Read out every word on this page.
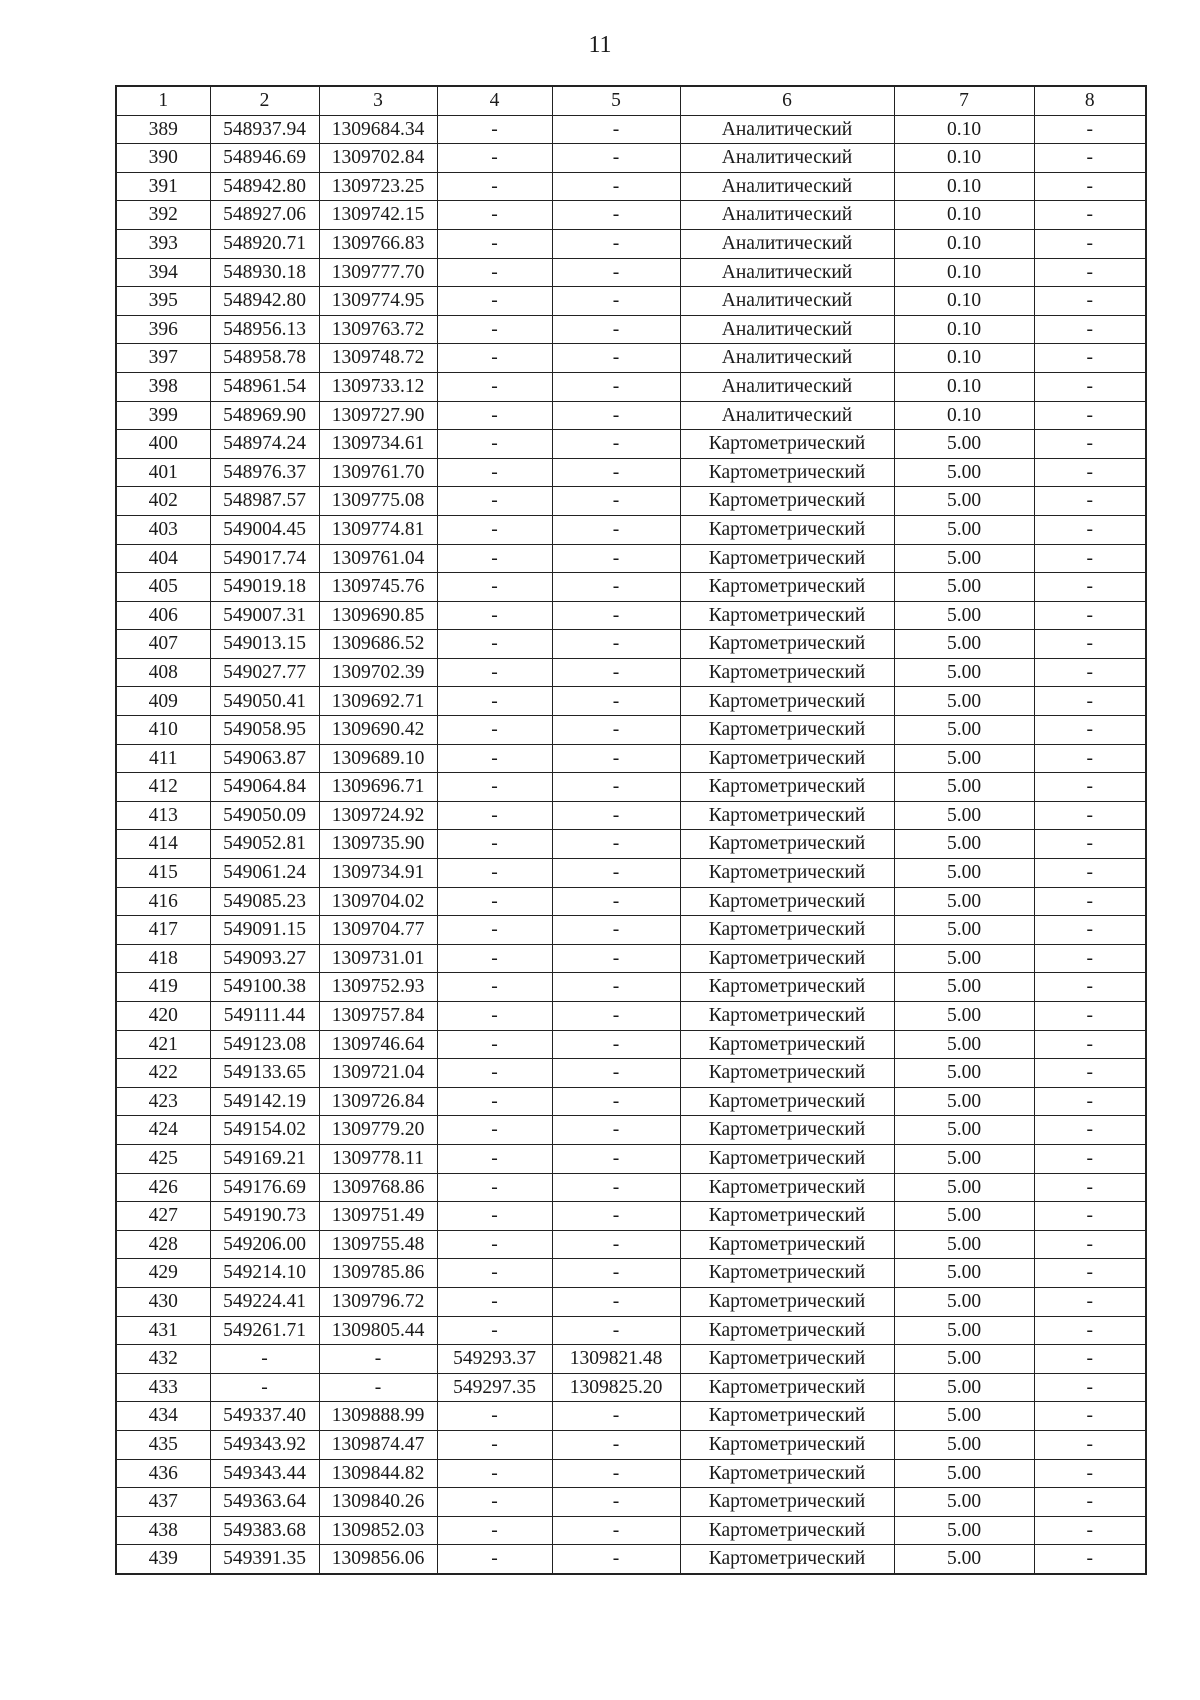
11
1	2	3	4	5	6	7	8
389	548937.94	1309684.34	-	-	Аналитический	0.10	-
390	548946.69	1309702.84	-	-	Аналитический	0.10	-
391	548942.80	1309723.25	-	-	Аналитический	0.10	-
392	548927.06	1309742.15	-	-	Аналитический	0.10	-
393	548920.71	1309766.83	-	-	Аналитический	0.10	-
394	548930.18	1309777.70	-	-	Аналитический	0.10	-
395	548942.80	1309774.95	-	-	Аналитический	0.10	-
396	548956.13	1309763.72	-	-	Аналитический	0.10	-
397	548958.78	1309748.72	-	-	Аналитический	0.10	-
398	548961.54	1309733.12	-	-	Аналитический	0.10	-
399	548969.90	1309727.90	-	-	Аналитический	0.10	-
400	548974.24	1309734.61	-	-	Картометрический	5.00	-
401	548976.37	1309761.70	-	-	Картометрический	5.00	-
402	548987.57	1309775.08	-	-	Картометрический	5.00	-
403	549004.45	1309774.81	-	-	Картометрический	5.00	-
404	549017.74	1309761.04	-	-	Картометрический	5.00	-
405	549019.18	1309745.76	-	-	Картометрический	5.00	-
406	549007.31	1309690.85	-	-	Картометрический	5.00	-
407	549013.15	1309686.52	-	-	Картометрический	5.00	-
408	549027.77	1309702.39	-	-	Картометрический	5.00	-
409	549050.41	1309692.71	-	-	Картометрический	5.00	-
410	549058.95	1309690.42	-	-	Картометрический	5.00	-
411	549063.87	1309689.10	-	-	Картометрический	5.00	-
412	549064.84	1309696.71	-	-	Картометрический	5.00	-
413	549050.09	1309724.92	-	-	Картометрический	5.00	-
414	549052.81	1309735.90	-	-	Картометрический	5.00	-
415	549061.24	1309734.91	-	-	Картометрический	5.00	-
416	549085.23	1309704.02	-	-	Картометрический	5.00	-
417	549091.15	1309704.77	-	-	Картометрический	5.00	-
418	549093.27	1309731.01	-	-	Картометрический	5.00	-
419	549100.38	1309752.93	-	-	Картометрический	5.00	-
420	549111.44	1309757.84	-	-	Картометрический	5.00	-
421	549123.08	1309746.64	-	-	Картометрический	5.00	-
422	549133.65	1309721.04	-	-	Картометрический	5.00	-
423	549142.19	1309726.84	-	-	Картометрический	5.00	-
424	549154.02	1309779.20	-	-	Картометрический	5.00	-
425	549169.21	1309778.11	-	-	Картометрический	5.00	-
426	549176.69	1309768.86	-	-	Картометрический	5.00	-
427	549190.73	1309751.49	-	-	Картометрический	5.00	-
428	549206.00	1309755.48	-	-	Картометрический	5.00	-
429	549214.10	1309785.86	-	-	Картометрический	5.00	-
430	549224.41	1309796.72	-	-	Картометрический	5.00	-
431	549261.71	1309805.44	-	-	Картометрический	5.00	-
432	-	-	549293.37	1309821.48	Картометрический	5.00	-
433	-	-	549297.35	1309825.20	Картометрический	5.00	-
434	549337.40	1309888.99	-	-	Картометрический	5.00	-
435	549343.92	1309874.47	-	-	Картометрический	5.00	-
436	549343.44	1309844.82	-	-	Картометрический	5.00	-
437	549363.64	1309840.26	-	-	Картометрический	5.00	-
438	549383.68	1309852.03	-	-	Картометрический	5.00	-
439	549391.35	1309856.06	-	-	Картометрический	5.00	-
